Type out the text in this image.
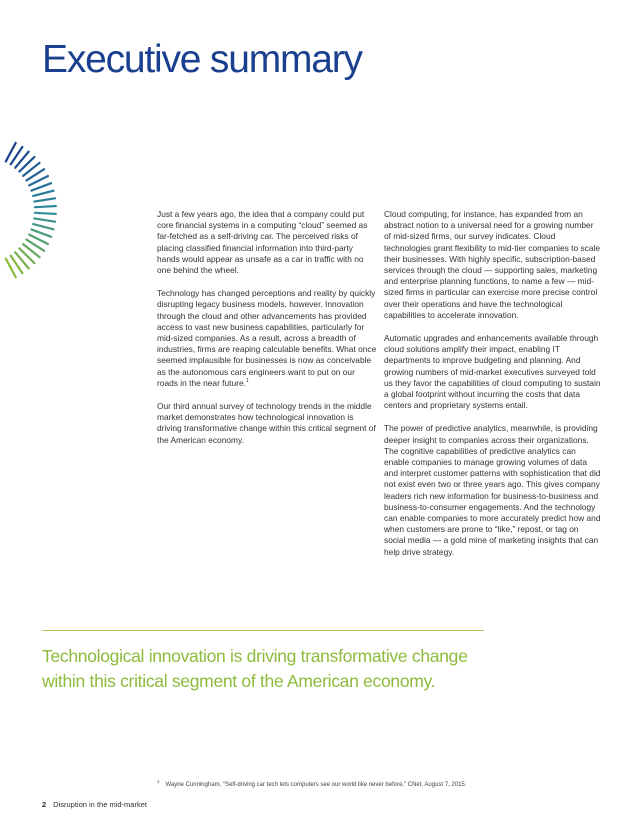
Executive summary

Just a few years ago, the idea that a company could put core financial systems in a computing “cloud” seemed as far-fetched as a self-driving car. The perceived risks of placing classified financial information into third-party hands would appear as unsafe as a car in traffic with no one behind the wheel.

Technology has changed perceptions and reality by quickly disrupting legacy business models, however. Innovation through the cloud and other advancements has provided access to vast new business capabilities, particularly for mid-sized companies. As a result, across a breadth of industries, firms are reaping calculable benefits. What once seemed implausible for businesses is now as conceivable as the autonomous cars engineers want to put on our roads in the near future.$^1$

Our third annual survey of technology trends in the middle market demonstrates how technological innovation is driving transformative change within this critical segment of the American economy.

Cloud computing, for instance, has expanded from an abstract notion to a universal need for a growing number of mid-sized firms, our survey indicates. Cloud technologies grant flexibility to mid-tier companies to scale their businesses. With highly specific, subscription-based services through the cloud — supporting sales, marketing and enterprise planning functions, to name a few — mid-sized firms in particular can exercise more precise control over their operations and have the technological capabilities to accelerate innovation.

Automatic upgrades and enhancements available through cloud solutions amplify their impact, enabling IT departments to improve budgeting and planning. And growing numbers of mid-market executives surveyed told us they favor the capabilities of cloud computing to sustain a global footprint without incurring the costs that data centers and proprietary systems entail.

The power of predictive analytics, meanwhile, is providing deeper insight to companies across their organizations. The cognitive capabilities of predictive analytics can enable companies to manage growing volumes of data and interpret customer patterns with sophistication that did not exist even two or three years ago. This gives company leaders rich new information for business-to-business and business-to-consumer engagements. And the technology can enable companies to more accurately predict how and when customers are prone to “like,” repost, or tag on social media — a gold mine of marketing insights that can help drive strategy.

Technological innovation is driving transformative change within this critical segment of the American economy.

$^1$Wayne Cunningham, “Self-driving car tech lets computers see our world like never before,” CNet, August 7, 2015.
2 Disruption in the mid-market
